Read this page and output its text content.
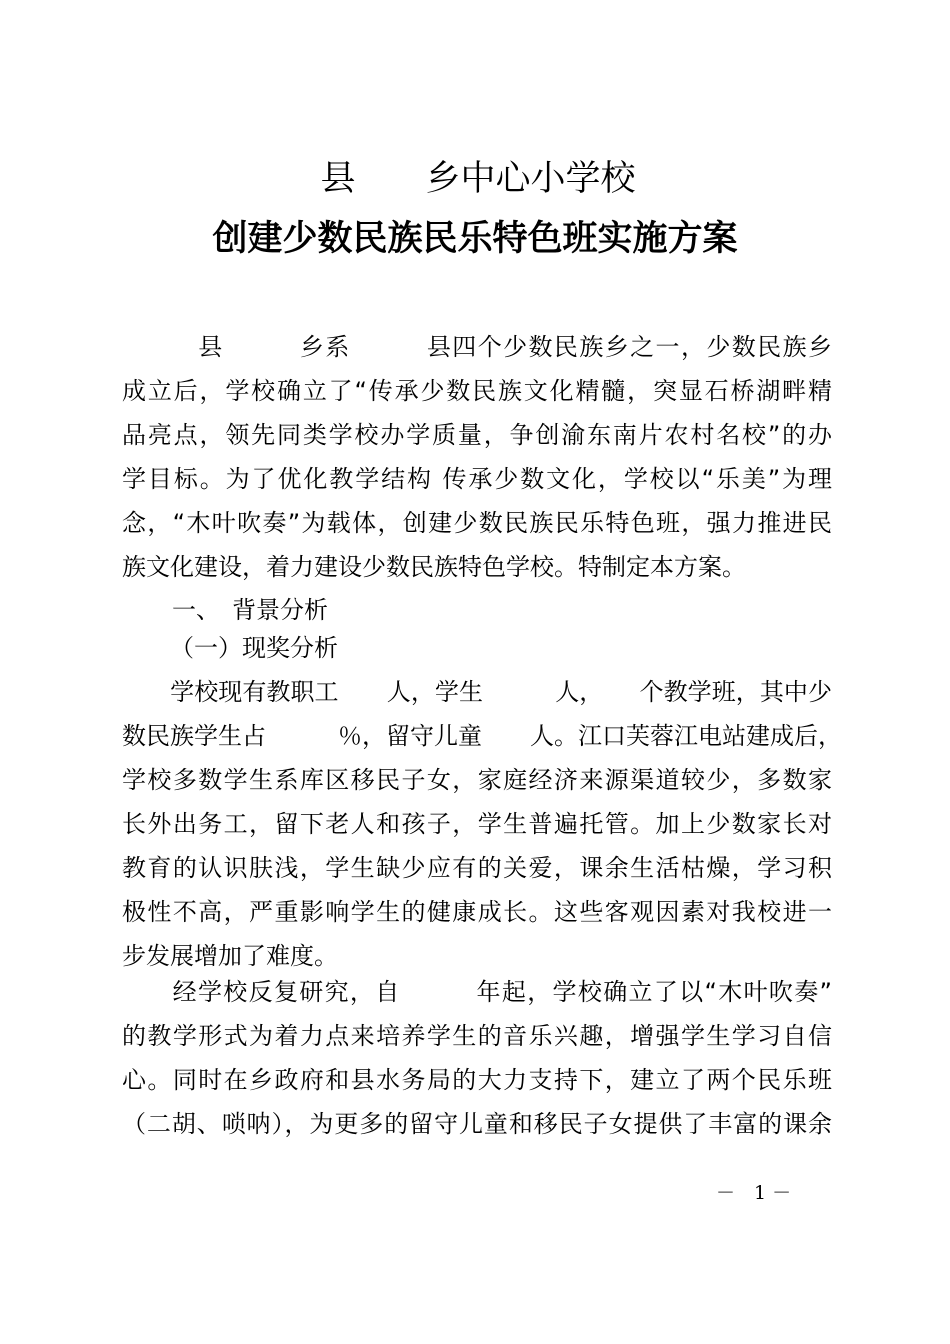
县　　乡中心小学校
创建少数民族民乐特色班实施方案

　　　县　　　乡系　　　县四个少数民族乡之一，少数民族乡

成立后，学校确立了“传承少数民族文化精髓，突显石桥湖畔精

品亮点，领先同类学校办学质量，争创渝东南片农村名校”的办

学目标。为了优化教学结构 传承少数文化，学校以“乐美”为理

念，“木叶吹奏”为载体，创建少数民族民乐特色班，强力推进民

族文化建设，着力建设少数民族特色学校。特制定本方案。

一、　背景分析

（一）现奖分析

　　学校现有教职工　　人，学生　　　人，　　个教学班，其中少

数民族学生占　　　％，留守儿童　　人。江口芙蓉江电站建成后，

学校多数学生系库区移民子女，家庭经济来源渠道较少，多数家

长外出务工，留下老人和孩子，学生普遍托管。加上少数家长对

教育的认识肤浅，学生缺少应有的关爱，课余生活枯燥，学习积

极性不高，严重影响学生的健康成长。这些客观因素对我校进一

步发展增加了难度。

　　经学校反复研究，自　　　年起，学校确立了以“木叶吹奏”

的教学形式为着力点来培养学生的音乐兴趣，增强学生学习自信

心。同时在乡政府和县水务局的大力支持下，建立了两个民乐班

（二胡、唢呐），为更多的留守儿童和移民子女提供了丰富的课余

－　1 －
